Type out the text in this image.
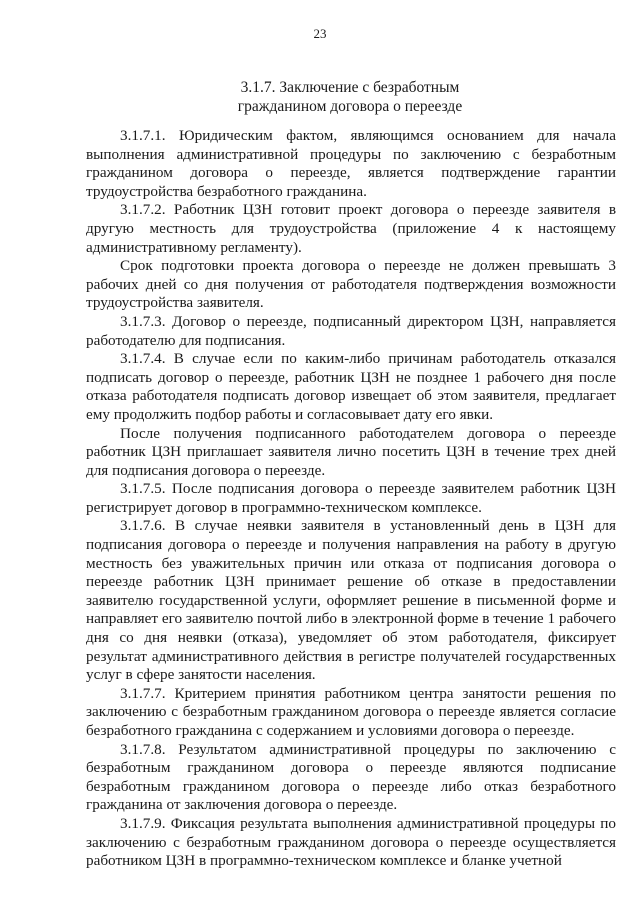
23
3.1.7. Заключение с безработным
гражданином договора о переезде

3.1.7.1. Юридическим фактом, являющимся основанием для начала выполнения административной процедуры по заключению с безработным гражданином договора о переезде, является подтверждение гарантии трудоустройства безработного гражданина.

3.1.7.2. Работник ЦЗН готовит проект договора о переезде заявителя в другую местность для трудоустройства (приложение 4 к настоящему административному регламенту).

Срок подготовки проекта договора о переезде не должен превышать 3 рабочих дней со дня получения от работодателя подтверждения возможности трудоустройства заявителя.

3.1.7.3. Договор о переезде, подписанный директором ЦЗН, направляется работодателю для подписания.

3.1.7.4. В случае если по каким-либо причинам работодатель отказался подписать договор о переезде, работник ЦЗН не позднее 1 рабочего дня после отказа работодателя подписать договор извещает об этом заявителя, предлагает ему продолжить подбор работы и согласовывает дату его явки.

После получения подписанного работодателем договора о переезде работник ЦЗН приглашает заявителя лично посетить ЦЗН в течение трех дней для подписания договора о переезде.

3.1.7.5. После подписания договора о переезде заявителем работник ЦЗН регистрирует договор в программно-техническом комплексе.

3.1.7.6. В случае неявки заявителя в установленный день в ЦЗН для подписания договора о переезде и получения направления на работу в другую местность без уважительных причин или отказа от подписания договора о переезде работник ЦЗН принимает решение об отказе в предоставлении заявителю государственной услуги, оформляет решение в письменной форме и направляет его заявителю почтой либо в электронной форме в течение 1 рабочего дня со дня неявки (отказа), уведомляет об этом работодателя, фиксирует результат административного действия в регистре получателей государственных услуг в сфере занятости населения.

3.1.7.7. Критерием принятия работником центра занятости решения по заключению с безработным гражданином договора о переезде является согласие безработного гражданина с содержанием и условиями договора о переезде.

3.1.7.8. Результатом административной процедуры по заключению с безработным гражданином договора о переезде являются подписание безработным гражданином договора о переезде либо отказ безработного гражданина от заключения договора о переезде.

3.1.7.9. Фиксация результата выполнения административной процедуры по заключению с безработным гражданином договора о переезде осуществляется работником ЦЗН в программно-техническом комплексе и бланке учетной
